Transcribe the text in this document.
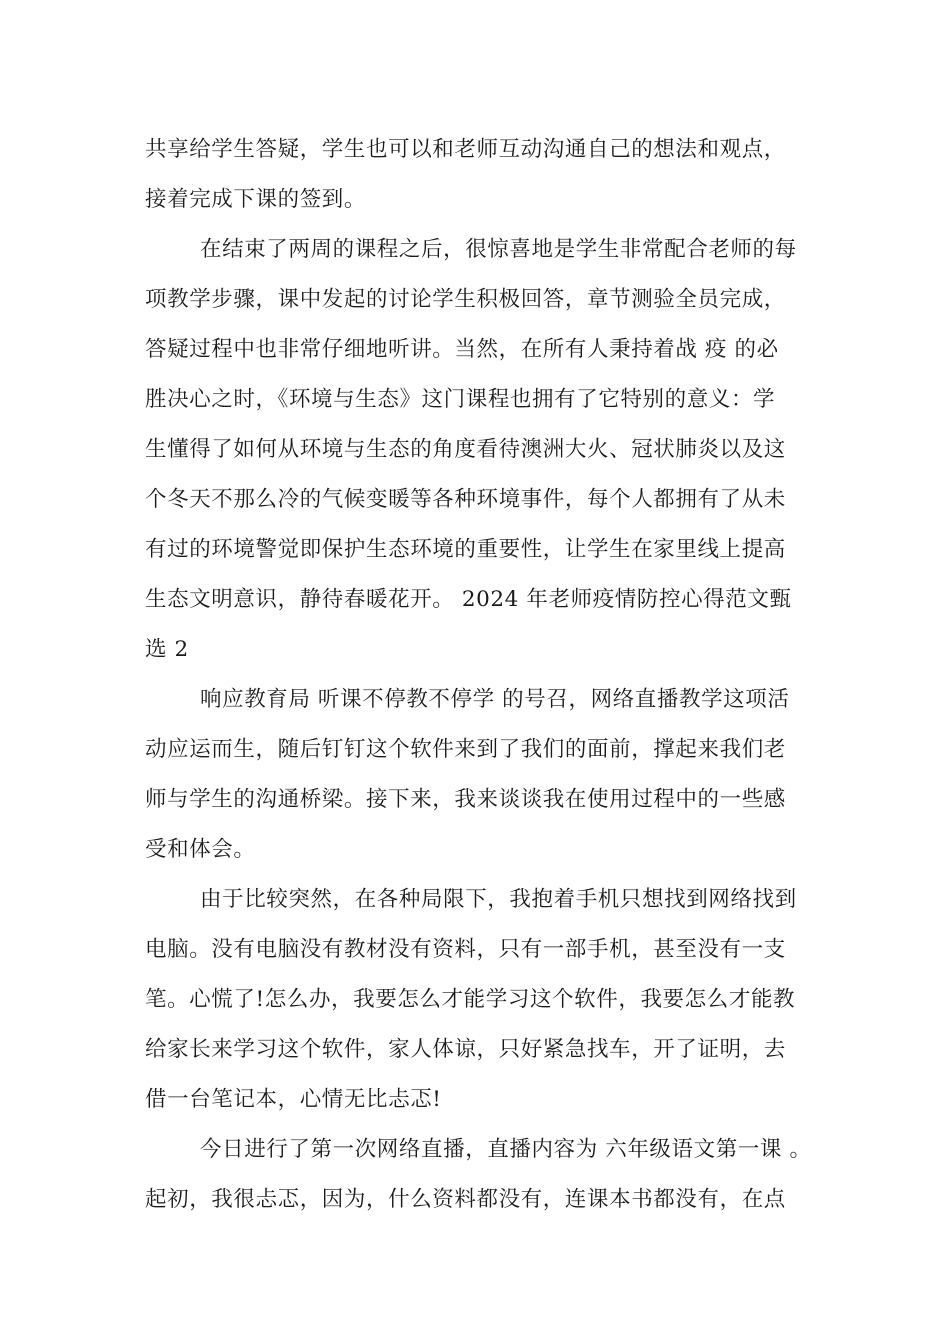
共享给学生答疑，学生也可以和老师互动沟通自己的想法和观点，
接着完成下课的签到。
在结束了两周的课程之后，很惊喜地是学生非常配合老师的每
项教学步骤，课中发起的讨论学生积极回答，章节测验全员完成，
答疑过程中也非常仔细地听讲。当然，在所有人秉持着战 疫 的必
胜决心之时，《环境与生态》这门课程也拥有了它特别的意义：学
生懂得了如何从环境与生态的角度看待澳洲大火、冠状肺炎以及这
个冬天不那么冷的气候变暖等各种环境事件，每个人都拥有了从未
有过的环境警觉即保护生态环境的重要性，让学生在家里线上提高
生态文明意识，静待春暖花开。 2024 年老师疫情防控心得范文甄
选 2
响应教育局 听课不停教不停学 的号召，网络直播教学这项活
动应运而生，随后钉钉这个软件来到了我们的面前，撑起来我们老
师与学生的沟通桥梁。接下来，我来谈谈我在使用过程中的一些感
受和体会。
由于比较突然，在各种局限下，我抱着手机只想找到网络找到
电脑。没有电脑没有教材没有资料，只有一部手机，甚至没有一支
笔。心慌了!怎么办，我要怎么才能学习这个软件，我要怎么才能教
给家长来学习这个软件，家人体谅，只好紧急找车，开了证明，去
借一台笔记本，心情无比忐忑!
今日进行了第一次网络直播，直播内容为 六年级语文第一课 。
起初，我很忐忑，因为，什么资料都没有，连课本书都没有，在点
